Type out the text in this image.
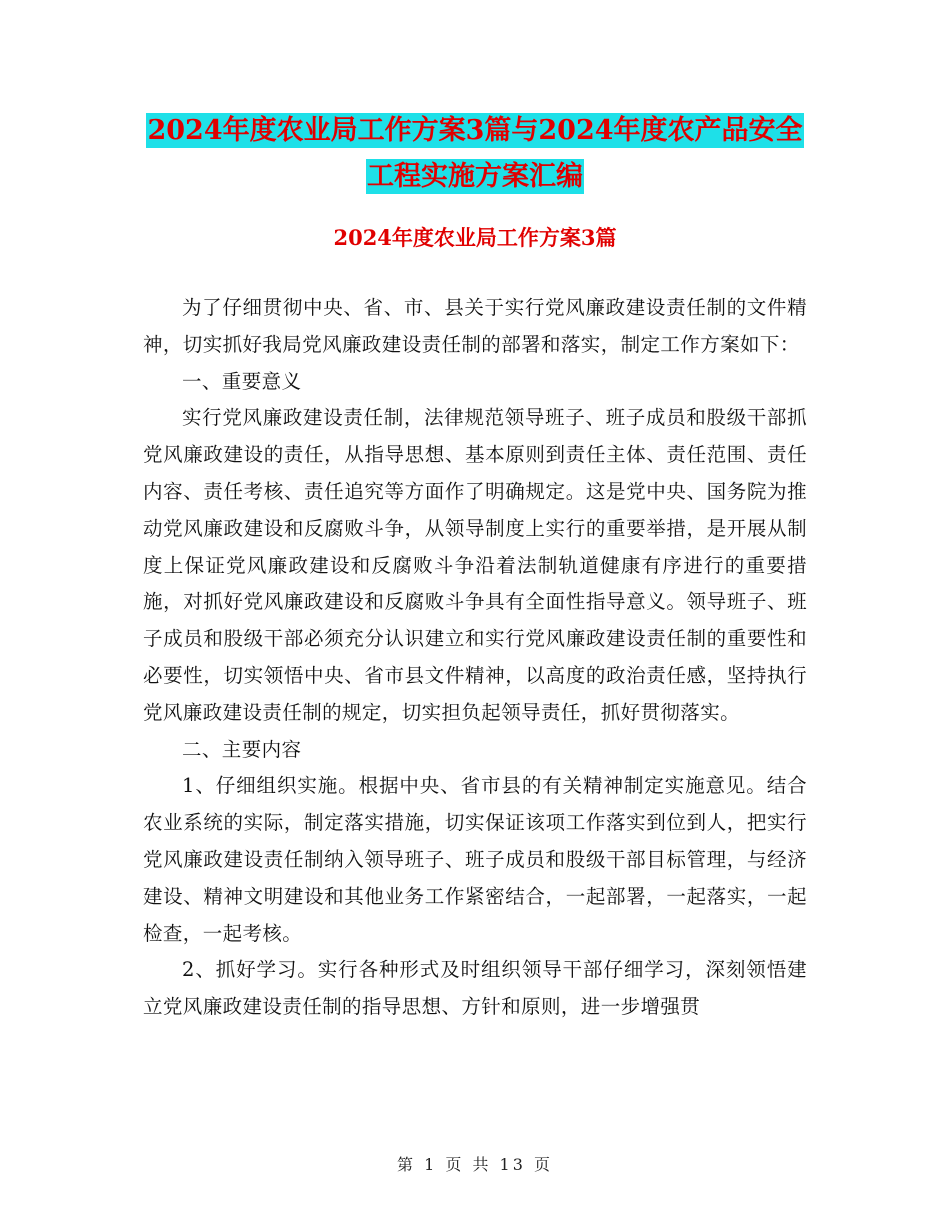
2024年度农业局工作方案3篇与2024年度农产品安全
工程实施方案汇编
2024年度农业局工作方案3篇

为了仔细贯彻中央、省、市、县关于实行党风廉政建设责任制的文件精神，切实抓好我局党风廉政建设责任制的部署和落实，制定工作方案如下：

一、重要意义

实行党风廉政建设责任制，法律规范领导班子、班子成员和股级干部抓党风廉政建设的责任，从指导思想、基本原则到责任主体、责任范围、责任内容、责任考核、责任追究等方面作了明确规定。这是党中央、国务院为推动党风廉政建设和反腐败斗争，从领导制度上实行的重要举措，是开展从制度上保证党风廉政建设和反腐败斗争沿着法制轨道健康有序进行的重要措施，对抓好党风廉政建设和反腐败斗争具有全面性指导意义。领导班子、班子成员和股级干部必须充分认识建立和实行党风廉政建设责任制的重要性和必要性，切实领悟中央、省市县文件精神，以高度的政治责任感，坚持执行党风廉政建设责任制的规定，切实担负起领导责任，抓好贯彻落实。

二、主要内容

1、仔细组织实施。根据中央、省市县的有关精神制定实施意见。结合农业系统的实际，制定落实措施，切实保证该项工作落实到位到人，把实行党风廉政建设责任制纳入领导班子、班子成员和股级干部目标管理，与经济建设、精神文明建设和其他业务工作紧密结合，一起部署，一起落实，一起检查，一起考核。

2、抓好学习。实行各种形式及时组织领导干部仔细学习，深刻领悟建立党风廉政建设责任制的指导思想、方针和原则，进一步增强贯

第 1 页 共 13 页
